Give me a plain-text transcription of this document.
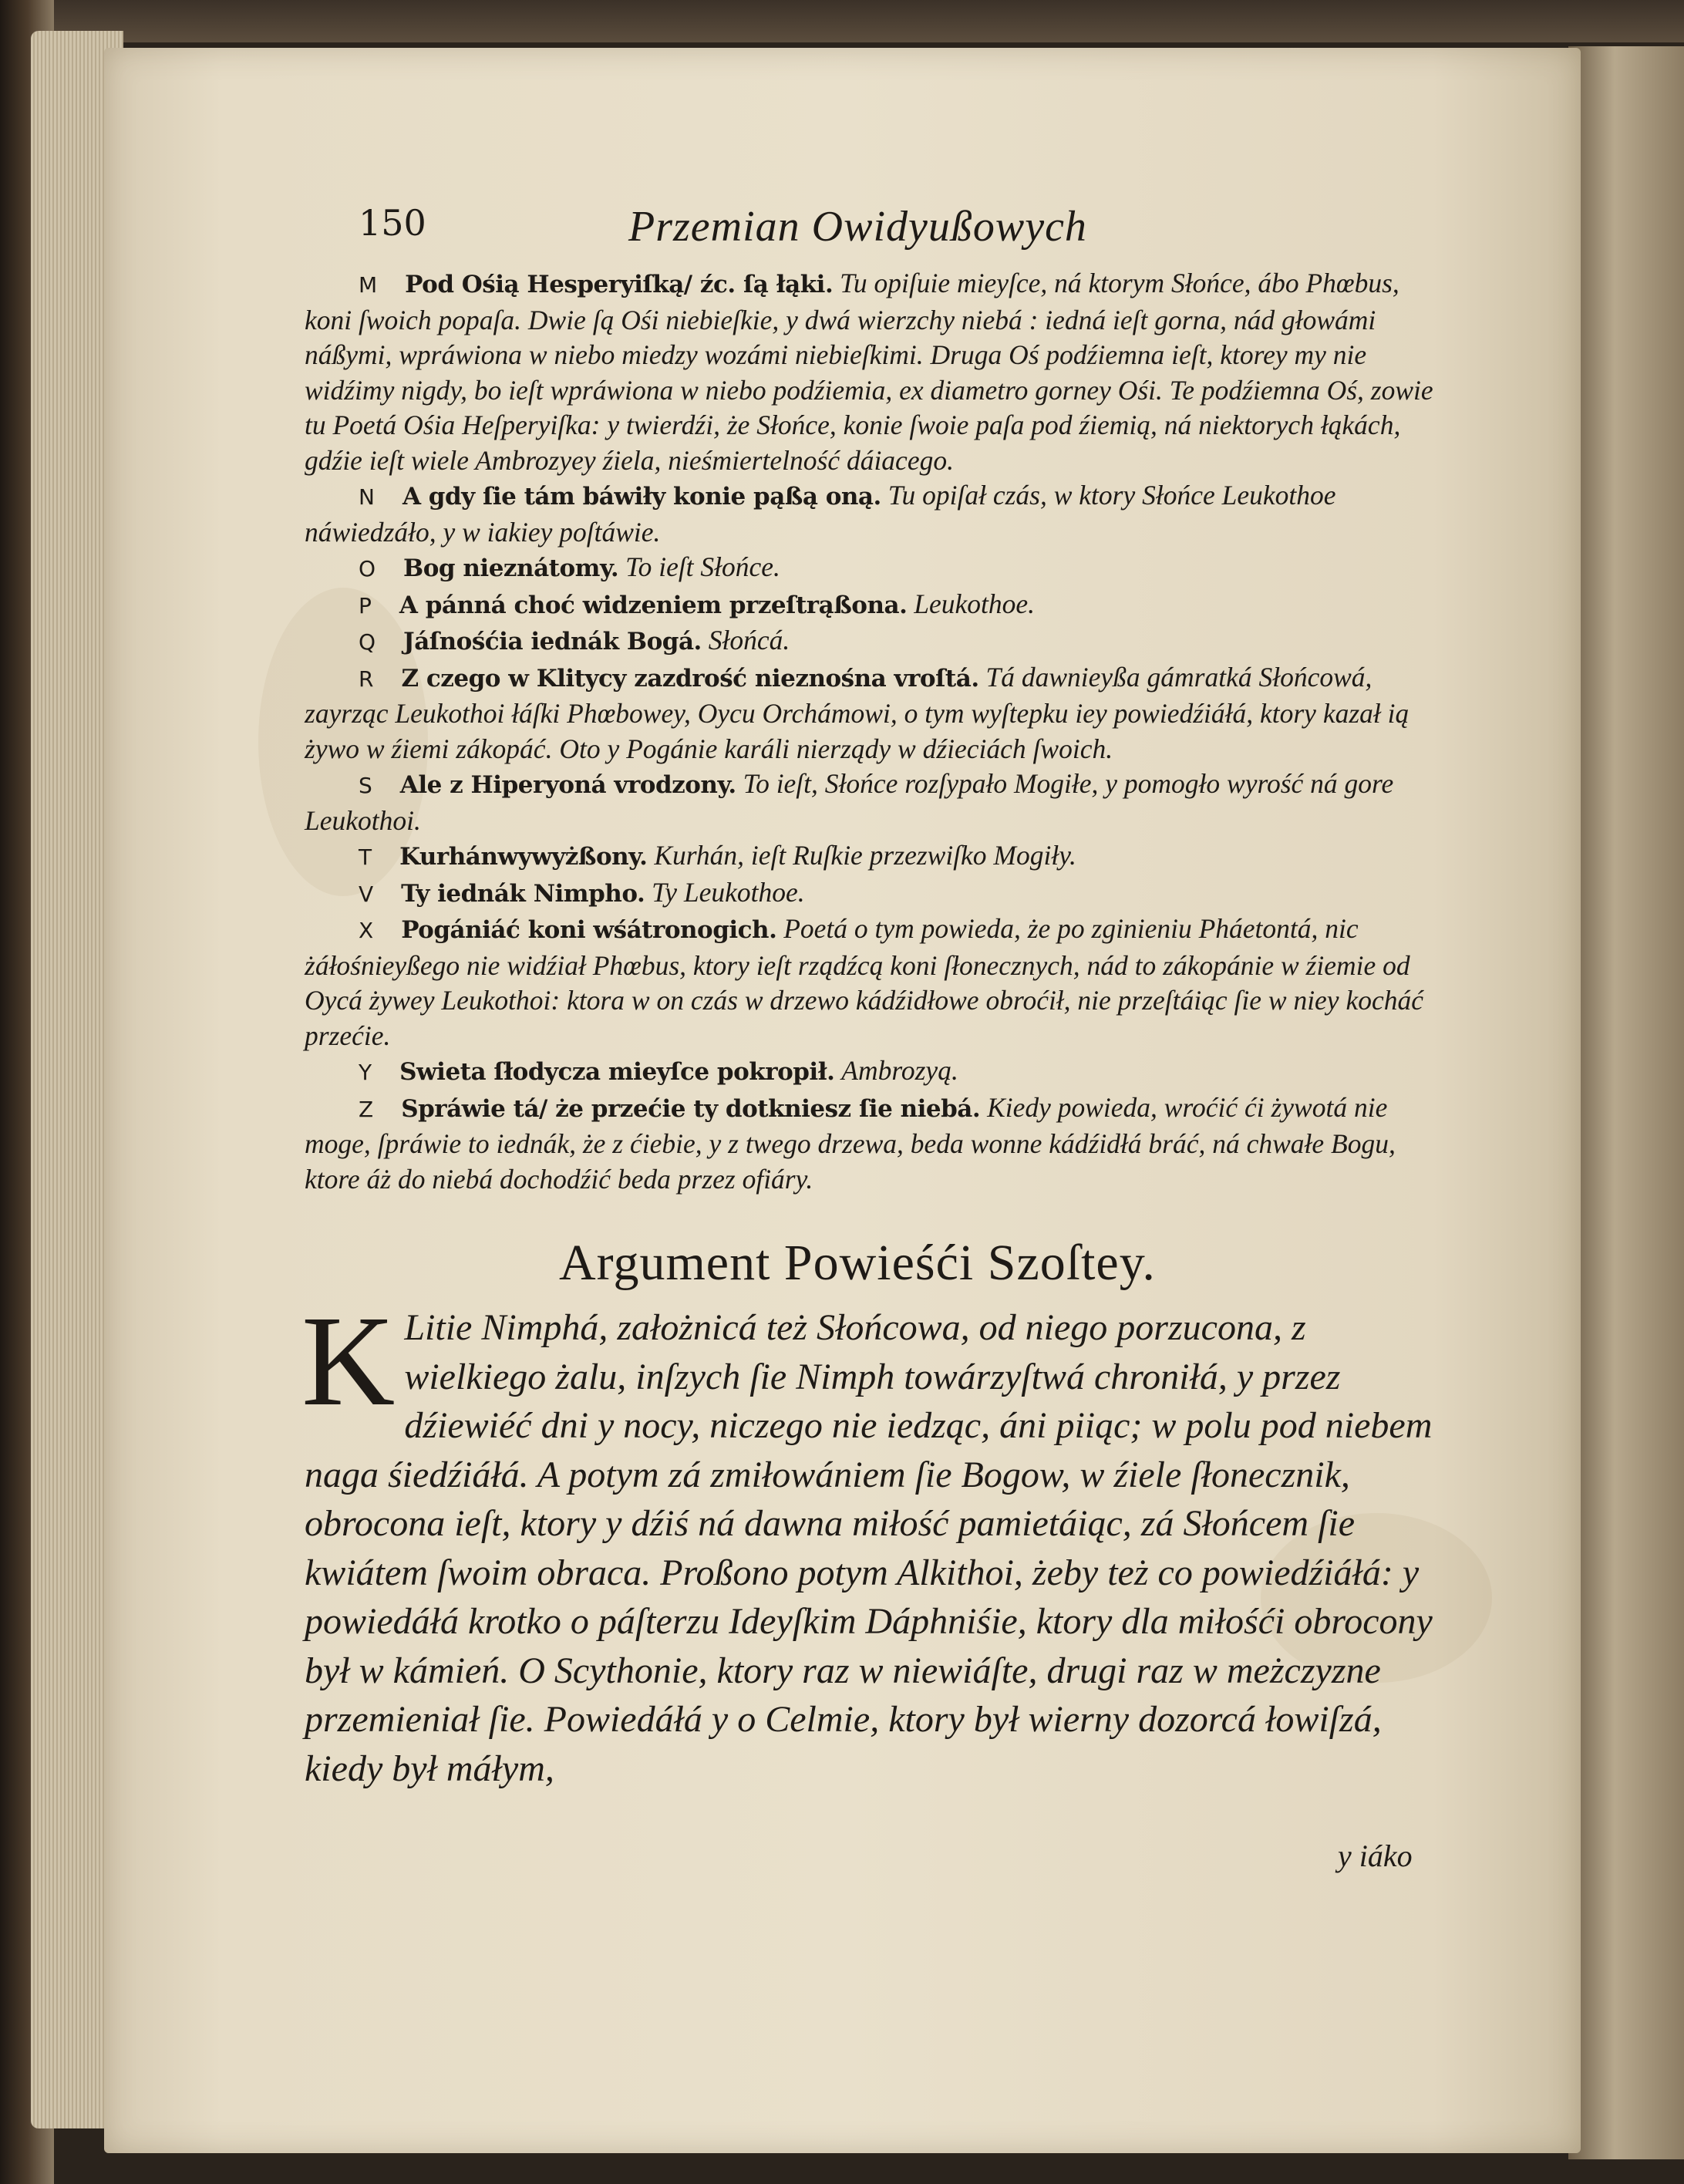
150	Przemian Owidyußowych

M Pod Ośią Hesperyiſką/ źc. ſą łąki. Tu opiſuie mieyſce, ná ktorym Słońce, ábo Phœbus, koni ſwoich popaſa. Dwie ſą Ośi niebieſkie, y dwá wierzchy niebá : iedná ieſt gorna, nád głowámi náßymi, wpráwiona w niebo miedzy wozámi niebieſkimi. Druga Oś podźiemna ieſt, ktorey my nie widźimy nigdy, bo ieſt wpráwiona w niebo podźiemia, ex diametro gorney Ośi. Te podźiemna Oś, zowie tu Poetá Ośia Heſperyiſka: y twierdźi, że Słońce, konie ſwoie paſa pod źiemią, ná niektorych łąkách, gdźie ieſt wiele Ambrozyey źiela, nieśmiertelność dáiacego.

N A gdy ſie tám báwiły konie pąßą oną. Tu opiſał czás, w ktory Słońce Leukothoe náwiedzáło, y w iakiey poſtáwie.

O Bog nieznátomy. To ieſt Słońce.

P A pánná choć widzeniem przeſtrąßona. Leukothoe.

Q Jáſnośćia iednák Bogá. Słońcá.

R Z czego w Klitycy zazdrość nieznośna vroſtá. Tá dawnieyßa gámratká Słońcowá, zayrząc Leukothoi łáſki Phœbowey, Oycu Orchámowi, o tym wyſtepku iey powiedźiáłá, ktory kazał ią żywo w źiemi zákopáć. Oto y Pogánie karáli nierządy w dźieciách ſwoich.

S Ale z Hiperyoná vrodzony. To ieſt, Słońce rozſypało Mogiłe, y pomogło wyrość ná gore Leukothoi.

T Kurhánwywyżßony. Kurhán, ieſt Ruſkie przezwiſko Mogiły.

V Ty iednák Nimpho. Ty Leukothoe.

X Pogániáć koni wśátronogich. Poetá o tym powieda, że po zginieniu Pháetontá, nic żáłośnieyßego nie widźiał Phœbus, ktory ieſt rządźcą koni ſłonecznych, nád to zákopánie w źiemie od Oycá żywey Leukothoi: ktora w on czás w drzewo kádźidłowe obroćił, nie przeſtáiąc ſie w niey kocháć przećie.

Y Swieta ſłodycza mieyſce pokropił. Ambrozyą.

Z Spráwie tá/ że przećie ty dotkniesz ſie niebá. Kiedy powieda, wroćić ći żywotá nie moge, ſpráwie to iednák, że z ćiebie, y z twego drzewa, beda wonne kádźidłá bráć, ná chwałe Bogu, ktore áż do niebá dochodźić beda przez ofiáry.

Argument Powieśći Szoſtey.
K Litie Nimphá, założnicá też Słońcowa, od niego porzucona, z wielkiego żalu, inſzych ſie Nimph towárzyſtwá chroniłá, y przez dźiewiéć dni y nocy, niczego nie iedząc, áni piiąc; w polu pod niebem naga śiedźiáłá. A potym zá zmiłowániem ſie Bogow, w źiele ſłonecznik, obrocona ieſt, ktory y dźiś ná dawna miłość pamietáiąc, zá Słońcem ſie kwiátem ſwoim obraca. Proßono potym Alkithoi, żeby też co powiedźiáłá: y powiedáłá krotko o páſterzu Ideyſkim Dáphniśie, ktory dla miłośći obrocony był w kámień. O Scythonie, ktory raz w niewiáſte, drugi raz w meżczyzne przemieniał ſie. Powiedáłá y o Celmie, ktory był wierny dozorcá łowiſzá, kiedy był máłym,

y iáko
